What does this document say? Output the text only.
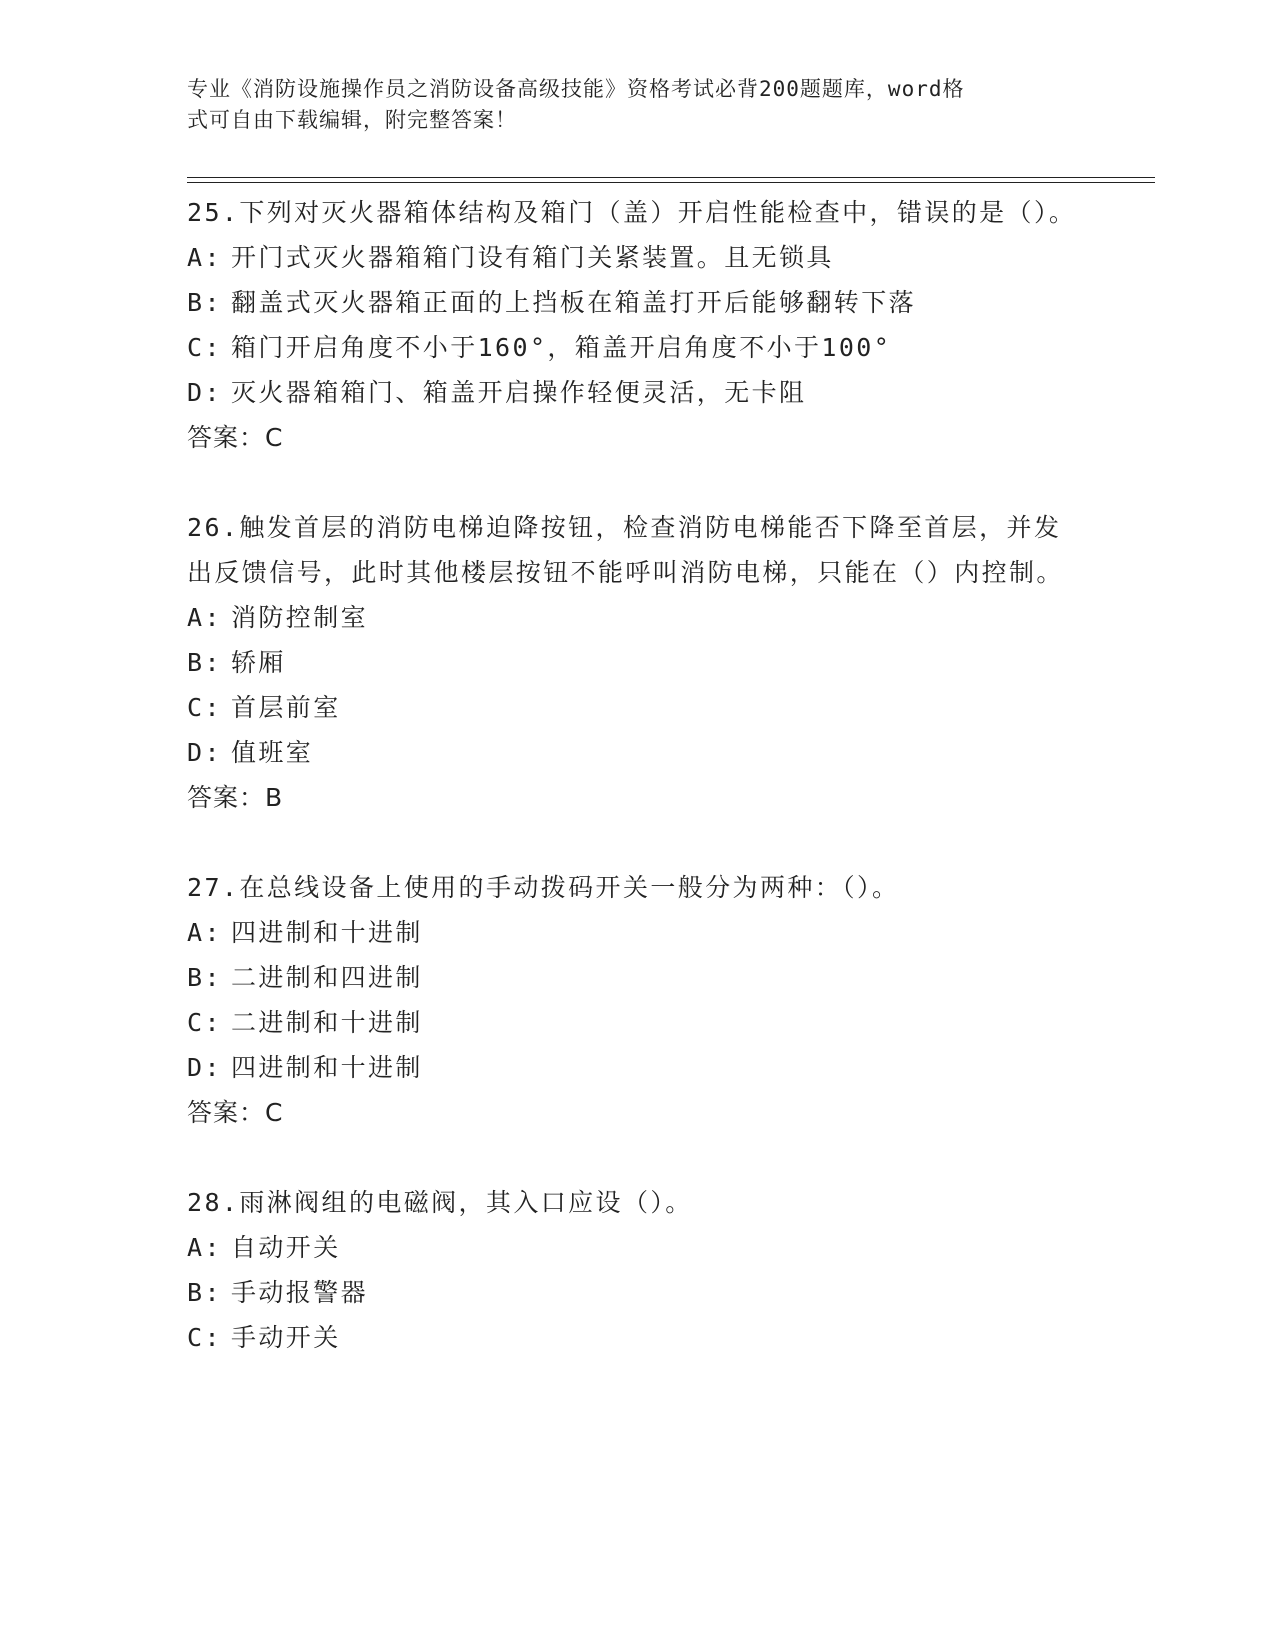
专业《消防设施操作员之消防设备高级技能》资格考试必背200题题库，word格
式可自由下载编辑，附完整答案！
25.下列对灭火器箱体结构及箱门（盖）开启性能检查中，错误的是（）。
A: 开门式灭火器箱箱门设有箱门关紧装置。且无锁具
B: 翻盖式灭火器箱正面的上挡板在箱盖打开后能够翻转下落
C: 箱门开启角度不小于160°，箱盖开启角度不小于100°
D: 灭火器箱箱门、箱盖开启操作轻便灵活，无卡阻
答案：C
26.触发首层的消防电梯迫降按钮，检查消防电梯能否下降至首层，并发出反馈信号，此时其他楼层按钮不能呼叫消防电梯，只能在（）内控制。
A: 消防控制室
B: 轿厢
C: 首层前室
D: 值班室
答案：B
27.在总线设备上使用的手动拨码开关一般分为两种：（）。
A: 四进制和十进制
B: 二进制和四进制
C: 二进制和十进制
D: 四进制和十进制
答案：C
28.雨淋阀组的电磁阀，其入口应设（）。
A: 自动开关
B: 手动报警器
C: 手动开关
